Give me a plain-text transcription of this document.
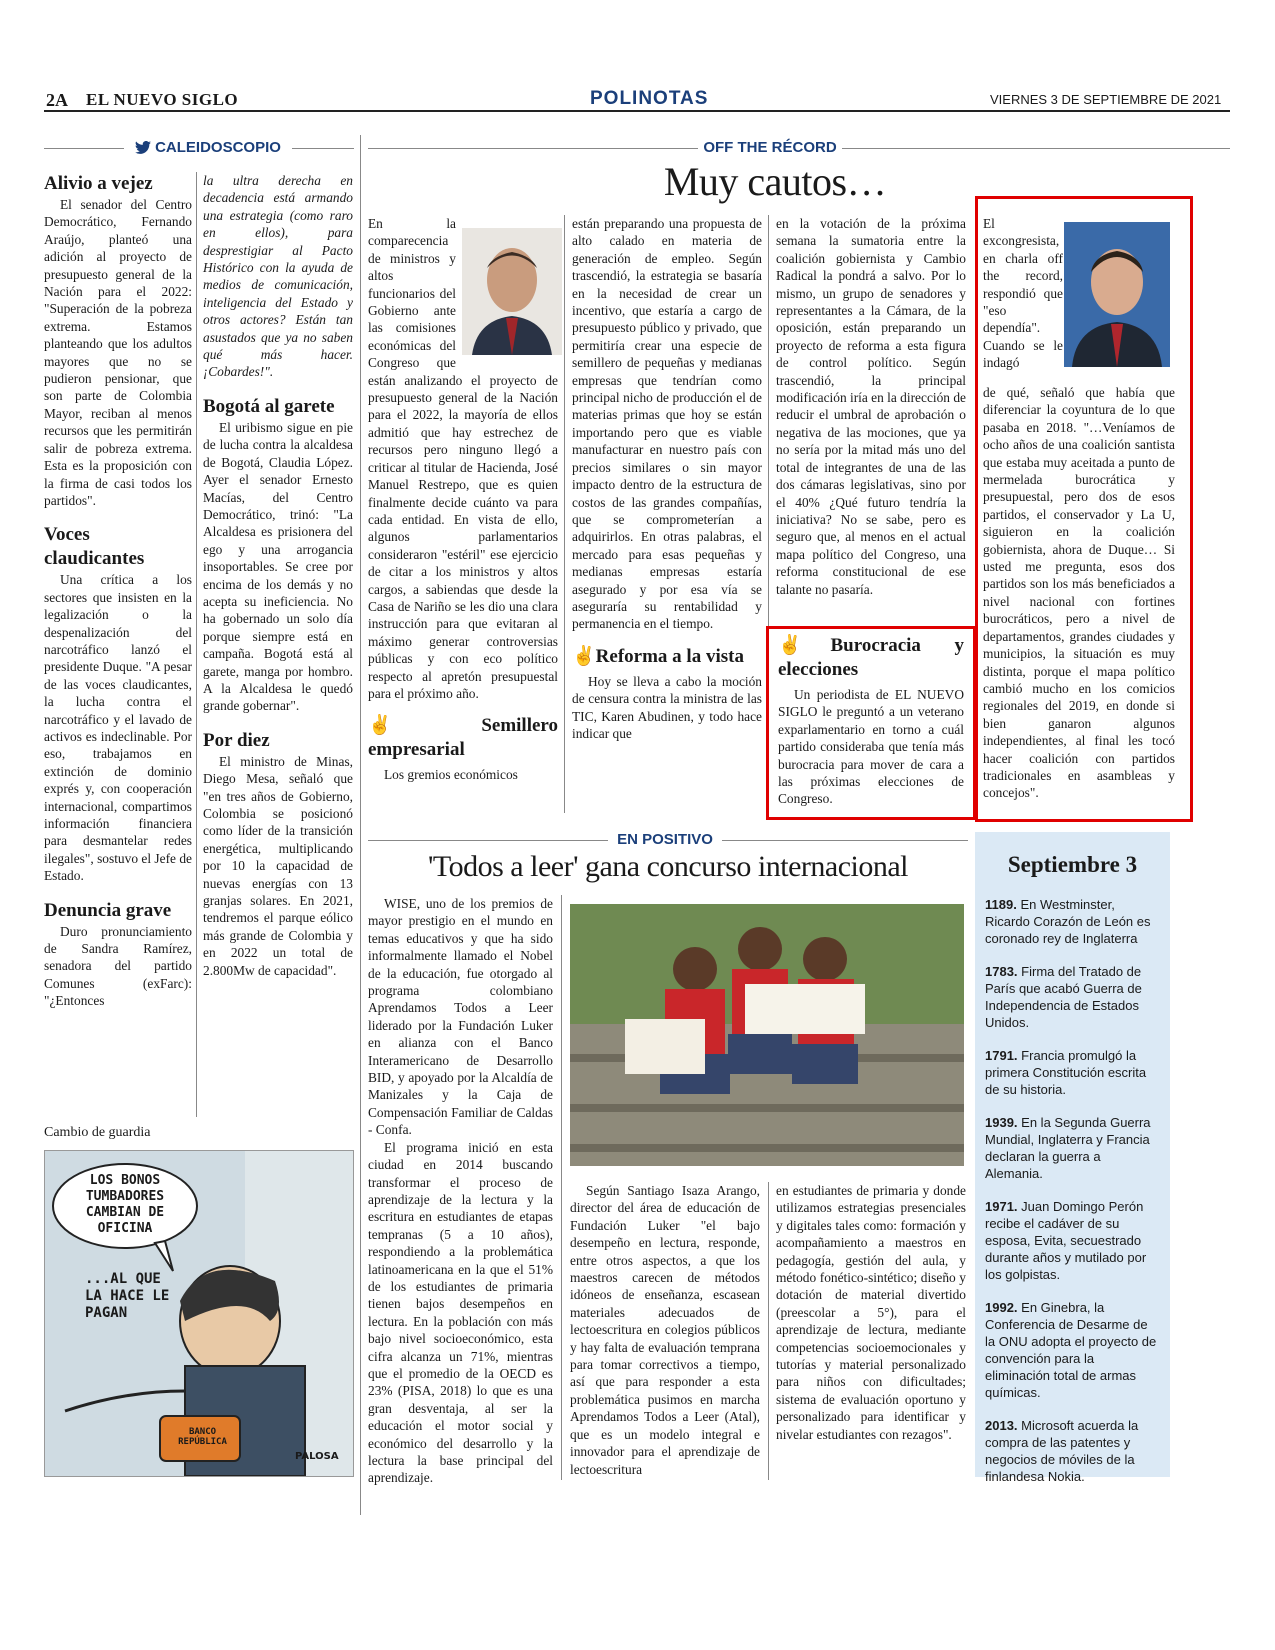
2A EL NUEVO SIGLO	POLINOTAS	VIERNES 3 DE SEPTIEMBRE DE 2021
CALEIDOSCOPIO
Alivio a vejez

El senador del Centro Democrático, Fernando Araújo, planteó una adición al proyecto de presupuesto general de la Nación para el 2022: "Superación de la pobreza extrema. Estamos planteando que los adultos mayores que no se pudieron pensionar, que son parte de Colombia Mayor, reciban al menos recursos que les permitirán salir de pobreza extrema. Esta es la proposición con la firma de casi todos los partidos".

Voces claudicantes

Una crítica a los sectores que insisten en la legalización o la despenalización del narcotráfico lanzó el presidente Duque. "A pesar de las voces claudicantes, la lucha contra el narcotráfico y el lavado de activos es indeclinable. Por eso, trabajamos en extinción de dominio exprés y, con cooperación internacional, compartimos información financiera para desmantelar redes ilegales", sostuvo el Jefe de Estado.

Denuncia grave

Duro pronunciamiento de Sandra Ramírez, senadora del partido Comunes (exFarc): "¿Entonces

la ultra derecha en decadencia está armando una estrategia (como raro en ellos), para desprestigiar al Pacto Histórico con la ayuda de medios de comunicación, inteligencia del Estado y otros actores? Están tan asustados que ya no saben qué más hacer. ¡Cobardes!".

Bogotá al garete

El uribismo sigue en pie de lucha contra la alcaldesa de Bogotá, Claudia López. Ayer el senador Ernesto Macías, del Centro Democrático, trinó: "La Alcaldesa es prisionera del ego y una arrogancia insoportables. Se cree por encima de los demás y no acepta su ineficiencia. No ha gobernado un solo día porque siempre está en campaña. Bogotá está al garete, manga por hombro. A la Alcaldesa le quedó grande gobernar".

Por diez

El ministro de Minas, Diego Mesa, señaló que "en tres años de Gobierno, Colombia se posicionó como líder de la transición energética, multiplicando por 10 la capacidad de nuevas energías con 13 granjas solares. En 2021, tendremos el parque eólico más grande de Colombia y en 2022 un total de 2.800Mw de capacidad".

Cambio de guardia
LOS BONOS TUMBADORES CAMBIAN DE OFICINA
...AL QUE LA HACE LE PAGAN
BANCO REPÚBLICA
PALOSA
OFF THE RÉCORD
Muy cautos…
En la comparecencia de ministros y altos funcionarios del Gobierno ante las comisiones económicas del Congreso que están analizando el proyecto de presupuesto general de la Nación para el 2022, la mayoría de ellos admitió que hay estrechez de recursos pero ninguno llegó a criticar al titular de Hacienda, José Manuel Restrepo, que es quien finalmente decide cuánto va para cada entidad. En vista de ello, algunos parlamentarios consideraron "estéril" ese ejercicio de citar a los ministros y altos cargos, a sabiendas que desde la Casa de Nariño se les dio una clara instrucción para que evitaran al máximo generar controversias públicas y con eco político respecto al apretón presupuestal para el próximo año.
✌Semillero empresarial

Los gremios económicos

están preparando una propuesta de alto calado en materia de generación de empleo. Según trascendió, la estrategia se basaría en la necesidad de crear un incentivo, que estaría a cargo de presupuesto público y privado, que permitiría crear una especie de semillero de pequeñas y medianas empresas que tendrían como principal nicho de producción el de materias primas que hoy se están importando pero que es viable manufacturar en nuestro país con precios similares o sin mayor impacto dentro de la estructura de costos de las grandes compañías, que se comprometerían a adquirirlos. En otras palabras, el mercado para esas pequeñas y medianas empresas estaría asegurado y por esa vía se aseguraría su rentabilidad y permanencia en el tiempo.
✌Reforma a la vista

Hoy se lleva a cabo la moción de censura contra la ministra de las TIC, Karen Abudinen, y todo hace indicar que

en la votación de la próxima semana la sumatoria entre la coalición gobiernista y Cambio Radical la pondrá a salvo. Por lo mismo, un grupo de senadores y representantes a la Cámara, de la oposición, están preparando un proyecto de reforma a esta figura de control político. Según trascendió, la principal modificación iría en la dirección de reducir el umbral de aprobación o negativa de las mociones, que ya no sería por la mitad más uno del total de integrantes de una de las dos cámaras legislativas, sino por el 40% ¿Qué futuro tendría la iniciativa? No se sabe, pero es seguro que, al menos en el actual mapa político del Congreso, una reforma constitucional de ese talante no pasaría.
✌Burocracia y elecciones

Un periodista de EL NUEVO SIGLO le preguntó a un veterano exparlamentario en torno a cuál partido consideraba que tenía más burocracia para mover de cara a las próximas elecciones de Congreso.

El excongresista, en charla off the record, respondió que "eso dependía". Cuando se le indagó
de qué, señaló que había que diferenciar la coyuntura de lo que pasaba en 2018. "…Veníamos de ocho años de una coalición santista que estaba muy aceitada a punto de mermelada burocrática y presupuestal, pero dos de esos partidos, el conservador y La U, siguieron en la coalición gobiernista, ahora de Duque… Si usted me pregunta, esos dos partidos son los más beneficiados a nivel nacional con fortines burocráticos, pero a nivel de departamentos, grandes ciudades y municipios, la situación es muy distinta, porque el mapa político cambió mucho en los comicios regionales del 2019, en donde si bien ganaron algunos independientes, al final les tocó hacer coalición con partidos tradicionales en asambleas y concejos".
EN POSITIVO
'Todos a leer' gana concurso internacional

WISE, uno de los premios de mayor prestigio en el mundo en temas educativos y que ha sido informalmente llamado el Nobel de la educación, fue otorgado al programa colombiano Aprendamos Todos a Leer liderado por la Fundación Luker en alianza con el Banco Interamericano de Desarrollo BID, y apoyado por la Alcaldía de Manizales y la Caja de Compensación Familiar de Caldas - Confa.

El programa inició en esta ciudad en 2014 buscando transformar el proceso de aprendizaje de la lectura y la escritura en estudiantes de etapas tempranas (5 a 10 años), respondiendo a la problemática latinoamericana en la que el 51% de los estudiantes de primaria tienen bajos desempeños en lectura. En la población con más bajo nivel socioeconómico, esta cifra alcanza un 71%, mientras que el promedio de la OECD es 23% (PISA, 2018) lo que es una gran desventaja, al ser la educación el motor social y económico del desarrollo y la lectura la base principal del aprendizaje.

Según Santiago Isaza Arango, director del área de educación de Fundación Luker "el bajo desempeño en lectura, responde, entre otros aspectos, a que los maestros carecen de métodos idóneos de enseñanza, escasean materiales adecuados de lectoescritura en colegios públicos y hay falta de evaluación temprana para tomar correctivos a tiempo, así que para responder a esta problemática pusimos en marcha Aprendamos Todos a Leer (Atal), que es un modelo integral e innovador para el aprendizaje de lectoescritura

en estudiantes de primaria y donde utilizamos estrategias presenciales y digitales tales como: formación y acompañamiento a maestros en pedagogía, gestión del aula, y método fonético-sintético; diseño y dotación de material divertido (preescolar a 5°), para el aprendizaje de lectura, mediante competencias socioemocionales y tutorías y material personalizado para niños con dificultades; sistema de evaluación oportuno y personalizado para identificar y nivelar estudiantes con rezagos".

Septiembre 3

1189. En Westminster, Ricardo Corazón de León es coronado rey de Inglaterra

1783. Firma del Tratado de París que acabó Guerra de Independencia de Estados Unidos.

1791. Francia promulgó la primera Constitución escrita de su historia.

1939. En la Segunda Guerra Mundial, Inglaterra y Francia declaran la guerra a Alemania.

1971. Juan Domingo Perón recibe el cadáver de su esposa, Evita, secuestrado durante años y mutilado por los golpistas.

1992. En Ginebra, la Conferencia de Desarme de la ONU adopta el proyecto de convención para la eliminación total de armas químicas.

2013. Microsoft acuerda la compra de las patentes y negocios de móviles de la finlandesa Nokia.
